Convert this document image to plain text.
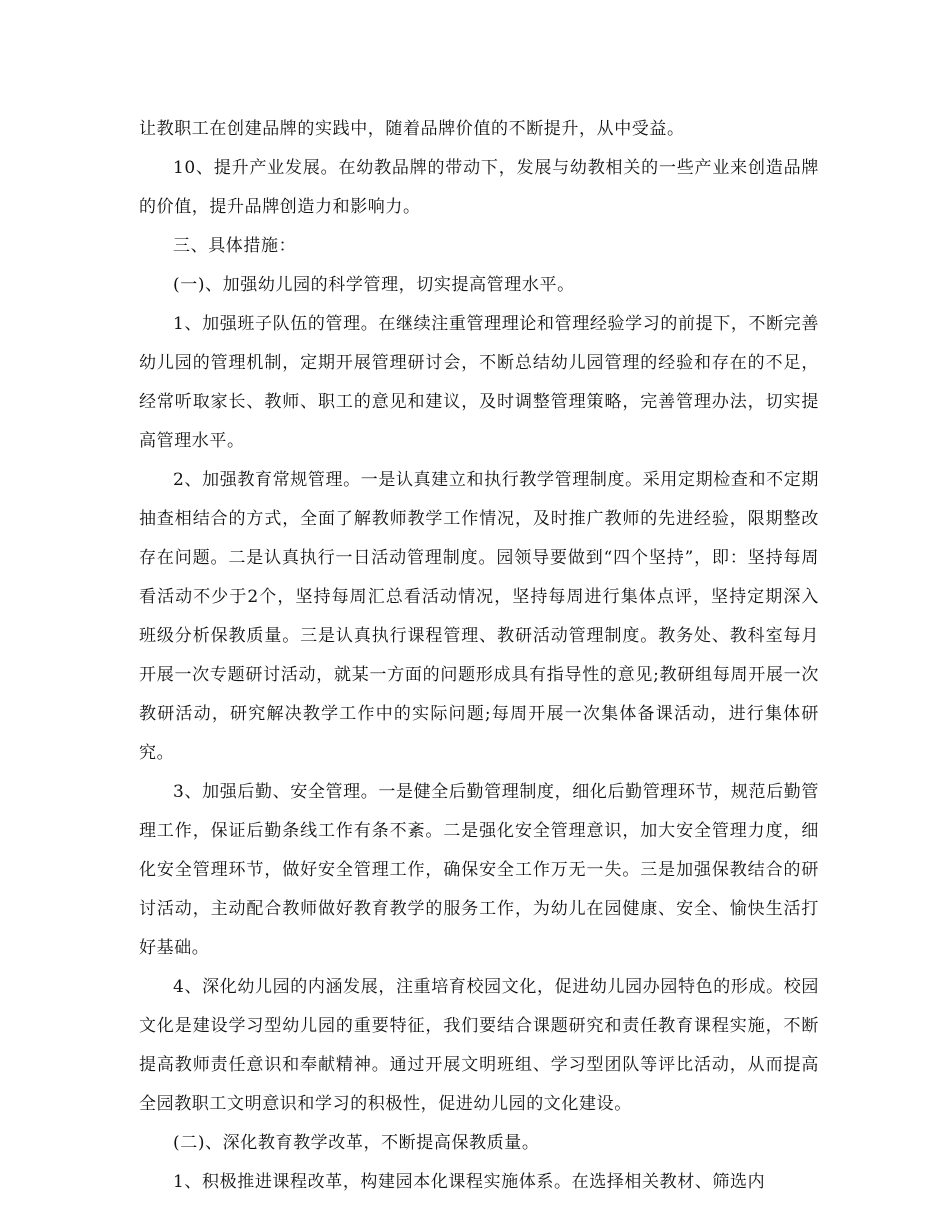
让教职工在创建品牌的实践中，随着品牌价值的不断提升，从中受益。

10、提升产业发展。在幼教品牌的带动下，发展与幼教相关的一些产业来创造品牌的价值，提升品牌创造力和影响力。

三、具体措施：

(一)、加强幼儿园的科学管理，切实提高管理水平。

1、加强班子队伍的管理。在继续注重管理理论和管理经验学习的前提下，不断完善幼儿园的管理机制，定期开展管理研讨会，不断总结幼儿园管理的经验和存在的不足，经常听取家长、教师、职工的意见和建议，及时调整管理策略，完善管理办法，切实提高管理水平。

2、加强教育常规管理。一是认真建立和执行教学管理制度。采用定期检查和不定期抽查相结合的方式，全面了解教师教学工作情况，及时推广教师的先进经验，限期整改存在问题。二是认真执行一日活动管理制度。园领导要做到“四个坚持”，即：坚持每周看活动不少于2个，坚持每周汇总看活动情况，坚持每周进行集体点评，坚持定期深入班级分析保教质量。三是认真执行课程管理、教研活动管理制度。教务处、教科室每月开展一次专题研讨活动，就某一方面的问题形成具有指导性的意见;教研组每周开展一次教研活动，研究解决教学工作中的实际问题;每周开展一次集体备课活动，进行集体研究。

3、加强后勤、安全管理。一是健全后勤管理制度，细化后勤管理环节，规范后勤管理工作，保证后勤条线工作有条不紊。二是强化安全管理意识，加大安全管理力度，细化安全管理环节，做好安全管理工作，确保安全工作万无一失。三是加强保教结合的研讨活动，主动配合教师做好教育教学的服务工作，为幼儿在园健康、安全、愉快生活打好基础。

4、深化幼儿园的内涵发展，注重培育校园文化，促进幼儿园办园特色的形成。校园文化是建设学习型幼儿园的重要特征，我们要结合课题研究和责任教育课程实施，不断提高教师责任意识和奉献精神。通过开展文明班组、学习型团队等评比活动，从而提高全园教职工文明意识和学习的积极性，促进幼儿园的文化建设。

(二)、深化教育教学改革，不断提高保教质量。

1、积极推进课程改革，构建园本化课程实施体系。在选择相关教材、筛选内
